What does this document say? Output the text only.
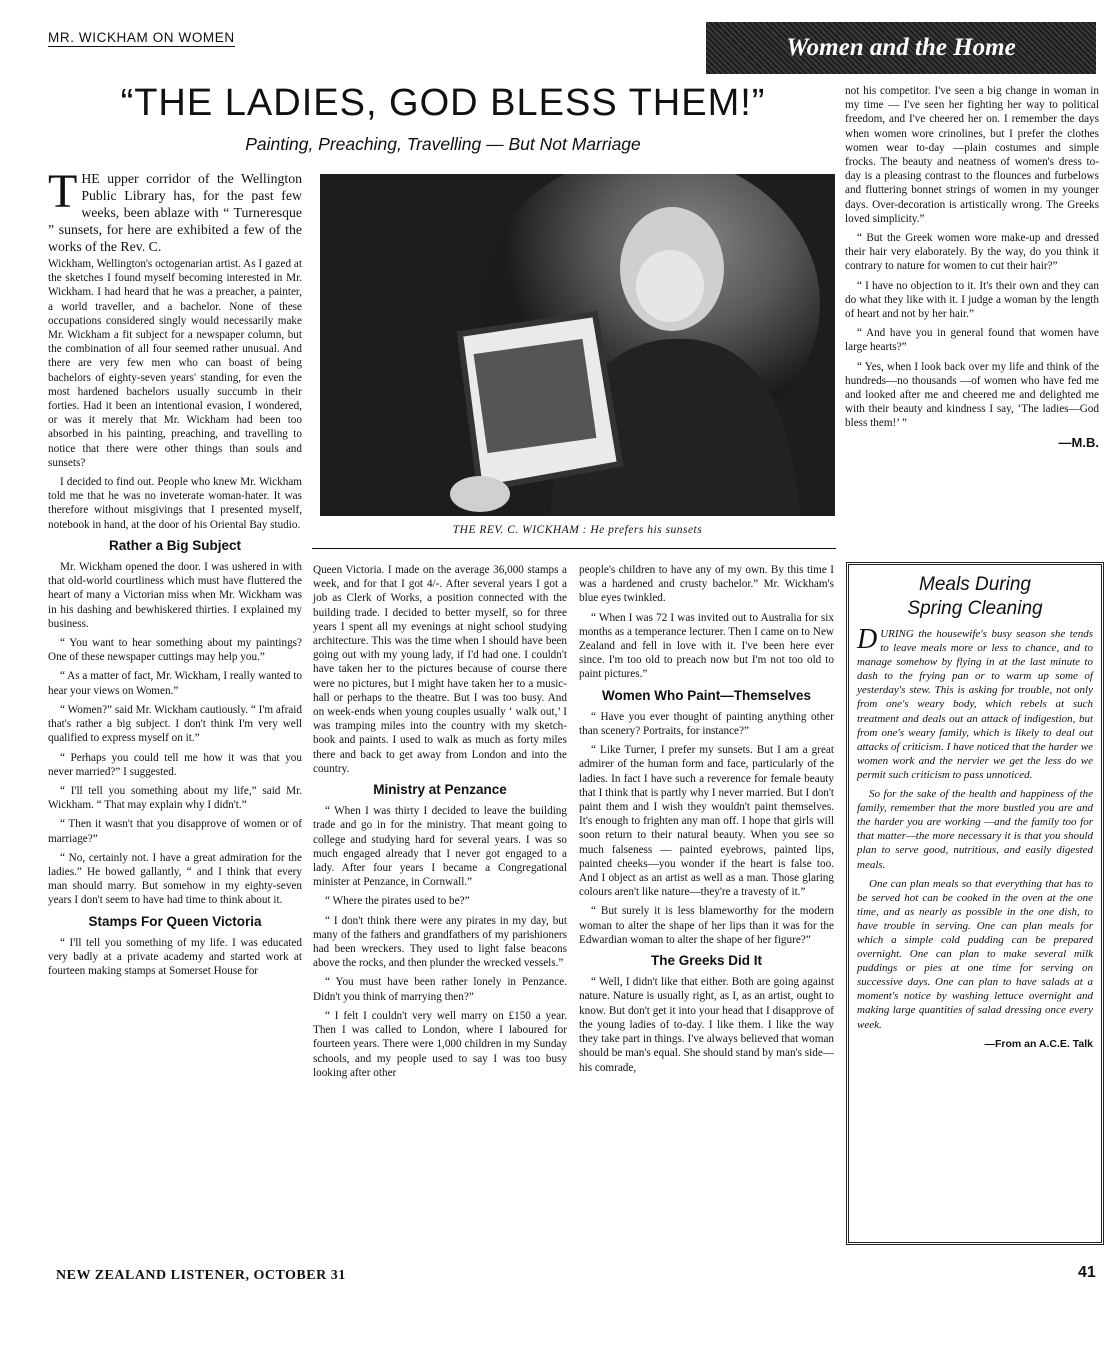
MR. WICKHAM ON WOMEN	Women and the Home
“THE LADIES, GOD BLESS THEM!”
Painting, Preaching, Travelling — But Not Marriage
THE upper corridor of the Wellington Public Library has, for the past few weeks, been ablaze with “ Turneresque ” sunsets, for here are exhibited a few of the works of the Rev. C.

Wickham, Wellington's octogenarian artist. As I gazed at the sketches I found myself becoming interested in Mr. Wickham. I had heard that he was a preacher, a painter, a world traveller, and a bachelor. None of these occupations considered singly would necessarily make Mr. Wickham a fit subject for a newspaper column, but the combination of all four seemed rather unusual. And there are very few men who can boast of being bachelors of eighty-seven years' standing, for even the most hardened bachelors usually succumb in their forties. Had it been an intentional evasion, I wondered, or was it merely that Mr. Wickham had been too absorbed in his painting, preaching, and travelling to notice that there were other things than souls and sunsets?

I decided to find out. People who knew Mr. Wickham told me that he was no inveterate woman-hater. It was therefore without misgivings that I presented myself, notebook in hand, at the door of his Oriental Bay studio.

Rather a Big Subject

Mr. Wickham opened the door. I was ushered in with that old-world courtliness which must have fluttered the heart of many a Victorian miss when Mr. Wickham was in his dashing and bewhiskered thirties. I explained my business.

“ You want to hear something about my paintings? One of these newspaper cuttings may help you.”

“ As a matter of fact, Mr. Wickham, I really wanted to hear your views on Women.”

“ Women?” said Mr. Wickham cautiously. “ I'm afraid that's rather a big subject. I don't think I'm very well qualified to express myself on it.”

“ Perhaps you could tell me how it was that you never married?” I suggested.

“ I'll tell you something about my life,” said Mr. Wickham. “ That may explain why I didn't.”

“ Then it wasn't that you disapprove of women or of marriage?”

“ No, certainly not. I have a great admiration for the ladies.” He bowed gallantly, “ and I think that every man should marry. But somehow in my eighty-seven years I don't seem to have had time to think about it.

Stamps For Queen Victoria

“ I'll tell you something of my life. I was educated very badly at a private academy and started work at fourteen making stamps at Somerset House for

THE REV. C. WICKHAM : He prefers his sunsets

Queen Victoria. I made on the average 36,000 stamps a week, and for that I got 4/-. After several years I got a job as Clerk of Works, a position connected with the building trade. I decided to better myself, so for three years I spent all my evenings at night school studying architecture. This was the time when I should have been going out with my young lady, if I'd had one. I couldn't have taken her to the pictures because of course there were no pictures, but I might have taken her to a music-hall or perhaps to the theatre. But I was too busy. And on week-ends when young couples usually ‘ walk out,’ I was tramping miles into the country with my sketch-book and paints. I used to walk as much as forty miles there and back to get away from London and into the country.

Ministry at Penzance

“ When I was thirty I decided to leave the building trade and go in for the ministry. That meant going to college and studying hard for several years. I was so much engaged already that I never got engaged to a lady. After four years I became a Congregational minister at Penzance, in Cornwall.”

“ Where the pirates used to be?”

“ I don't think there were any pirates in my day, but many of the fathers and grandfathers of my parishioners had been wreckers. They used to light false beacons above the rocks, and then plunder the wrecked vessels.”

“ You must have been rather lonely in Penzance. Didn't you think of marrying then?”

“ I felt I couldn't very well marry on £150 a year. Then I was called to London, where I laboured for fourteen years. There were 1,000 children in my Sunday schools, and my people used to say I was too busy looking after other

people's children to have any of my own. By this time I was a hardened and crusty bachelor.” Mr. Wickham's blue eyes twinkled.

“ When I was 72 I was invited out to Australia for six months as a temperance lecturer. Then I came on to New Zealand and fell in love with it. I've been here ever since. I'm too old to preach now but I'm not too old to paint pictures.”

Women Who Paint—Themselves

“ Have you ever thought of painting anything other than scenery? Portraits, for instance?”

“ Like Turner, I prefer my sunsets. But I am a great admirer of the human form and face, particularly of the ladies. In fact I have such a reverence for female beauty that I think that is partly why I never married. But I don't paint them and I wish they wouldn't paint themselves. It's enough to frighten any man off. I hope that girls will soon return to their natural beauty. When you see so much falseness — painted eyebrows, painted lips, painted cheeks—you wonder if the heart is false too. And I object as an artist as well as a man. Those glaring colours aren't like nature—they're a travesty of it.”

“ But surely it is less blameworthy for the modern woman to alter the shape of her lips than it was for the Edwardian woman to alter the shape of her figure?”

The Greeks Did It

“ Well, I didn't like that either. Both are going against nature. Nature is usually right, as I, as an artist, ought to know. But don't get it into your head that I disapprove of the young ladies of to-day. I like them. I like the way they take part in things. I've always believed that woman should be man's equal. She should stand by man's side—his comrade,

not his competitor. I've seen a big change in woman in my time — I've seen her fighting her way to political freedom, and I've cheered her on. I remember the days when women wore crinolines, but I prefer the clothes women wear to-day —plain costumes and simple frocks. The beauty and neatness of women's dress to-day is a pleasing contrast to the flounces and furbelows and fluttering bonnet strings of women in my younger days. Over-decoration is artistically wrong. The Greeks loved simplicity.”

“ But the Greek women wore make-up and dressed their hair very elaborately. By the way, do you think it contrary to nature for women to cut their hair?”

“ I have no objection to it. It's their own and they can do what they like with it. I judge a woman by the length of heart and not by her hair.”

“ And have you in general found that women have large hearts?”

“ Yes, when I look back over my life and think of the hundreds—no thousands —of women who have fed me and looked after me and cheered me and delighted me with their beauty and kindness I say, ‘The ladies—God bless them!’ ”

—M.B.
Meals During
Spring Cleaning

DURING the housewife's busy season she tends to leave meals more or less to chance, and to manage somehow by flying in at the last minute to dash to the frying pan or to warm up some of yesterday's stew. This is asking for trouble, not only from one's weary body, which rebels at such treatment and deals out an attack of indigestion, but from one's weary family, which is likely to deal out attacks of criticism. I have noticed that the harder we women work and the nervier we get the less do we permit such criticism to pass unnoticed.

So for the sake of the health and happiness of the family, remember that the more bustled you are and the harder you are working —and the family too for that matter—the more necessary it is that you should plan to serve good, nutritious, and easily digested meals.

One can plan meals so that everything that has to be served hot can be cooked in the oven at the one time, and as nearly as possible in the one dish, to have trouble in serving. One can plan meals for which a simple cold pudding can be prepared overnight. One can plan to make several milk puddings or pies at one time for serving on successive days. One can plan to have salads at a moment's notice by washing lettuce overnight and making large quantities of salad dressing once every week.

—From an A.C.E. Talk
NEW ZEALAND LISTENER, OCTOBER 31	41
